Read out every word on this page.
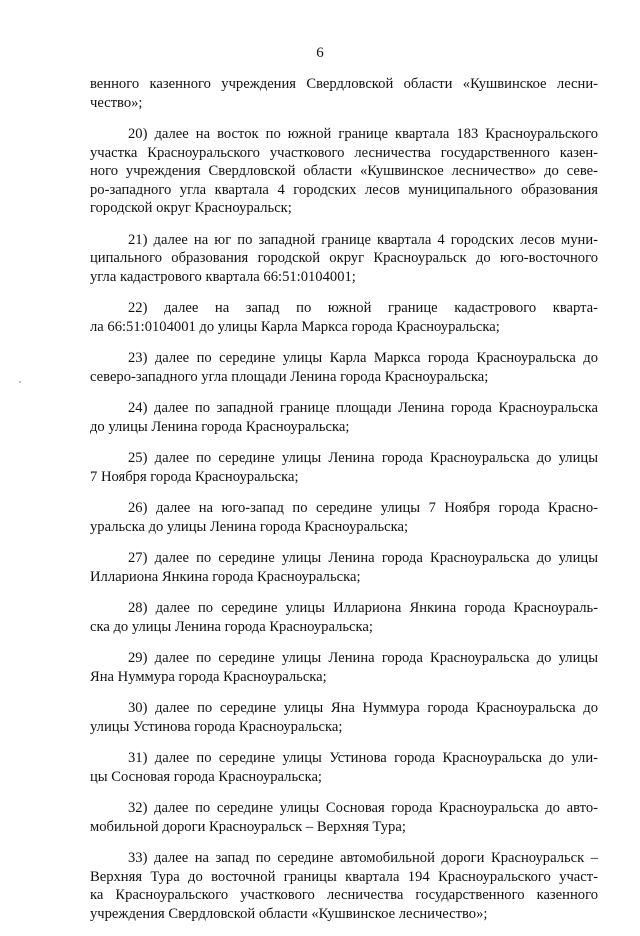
6

венного казенного учреждения Свердловской области «Кушвинское лесни-
чество»;

20) далее на восток по южной границе квартала 183 Красноуральского
участка Красноуральского участкового лесничества государственного казен-
ного учреждения Свердловской области «Кушвинское лесничество» до севе-
ро-западного угла квартала 4 городских лесов муниципального образования
городской округ Красноуральск;

21) далее на юг по западной границе квартала 4 городских лесов муни-
ципального образования городской округ Красноуральск до юго-восточного
угла кадастрового квартала 66:51:0104001;

22) далее на запад по южной границе кадастрового кварта-
ла 66:51:0104001 до улицы Карла Маркса города Красноуральска;

23) далее по середине улицы Карла Маркса города Красноуральска до
северо-западного угла площади Ленина города Красноуральска;

24) далее по западной границе площади Ленина города Красноуральска
до улицы Ленина города Красноуральска;

25) далее по середине улицы Ленина города Красноуральска до улицы
7 Ноября города Красноуральска;

26) далее на юго-запад по середине улицы 7 Ноября города Красно-
уральска до улицы Ленина города Красноуральска;

27) далее по середине улицы Ленина города Красноуральска до улицы
Иллариона Янкина города Красноуральска;

28) далее по середине улицы Иллариона Янкина города Красноураль-
ска до улицы Ленина города Красноуральска;

29) далее по середине улицы Ленина города Красноуральска до улицы
Яна Нуммура города Красноуральска;

30) далее по середине улицы Яна Нуммура города Красноуральска до
улицы Устинова города Красноуральска;

31) далее по середине улицы Устинова города Красноуральска до ули-
цы Сосновая города Красноуральска;

32) далее по середине улицы Сосновая города Красноуральска до авто-
мобильной дороги Красноуральск – Верхняя Тура;

33) далее на запад по середине автомобильной дороги Красноуральск –
Верхняя Тура до восточной границы квартала 194 Красноуральского участ-
ка Красноуральского участкового лесничества государственного казенного
учреждения Свердловской области «Кушвинское лесничество»;
